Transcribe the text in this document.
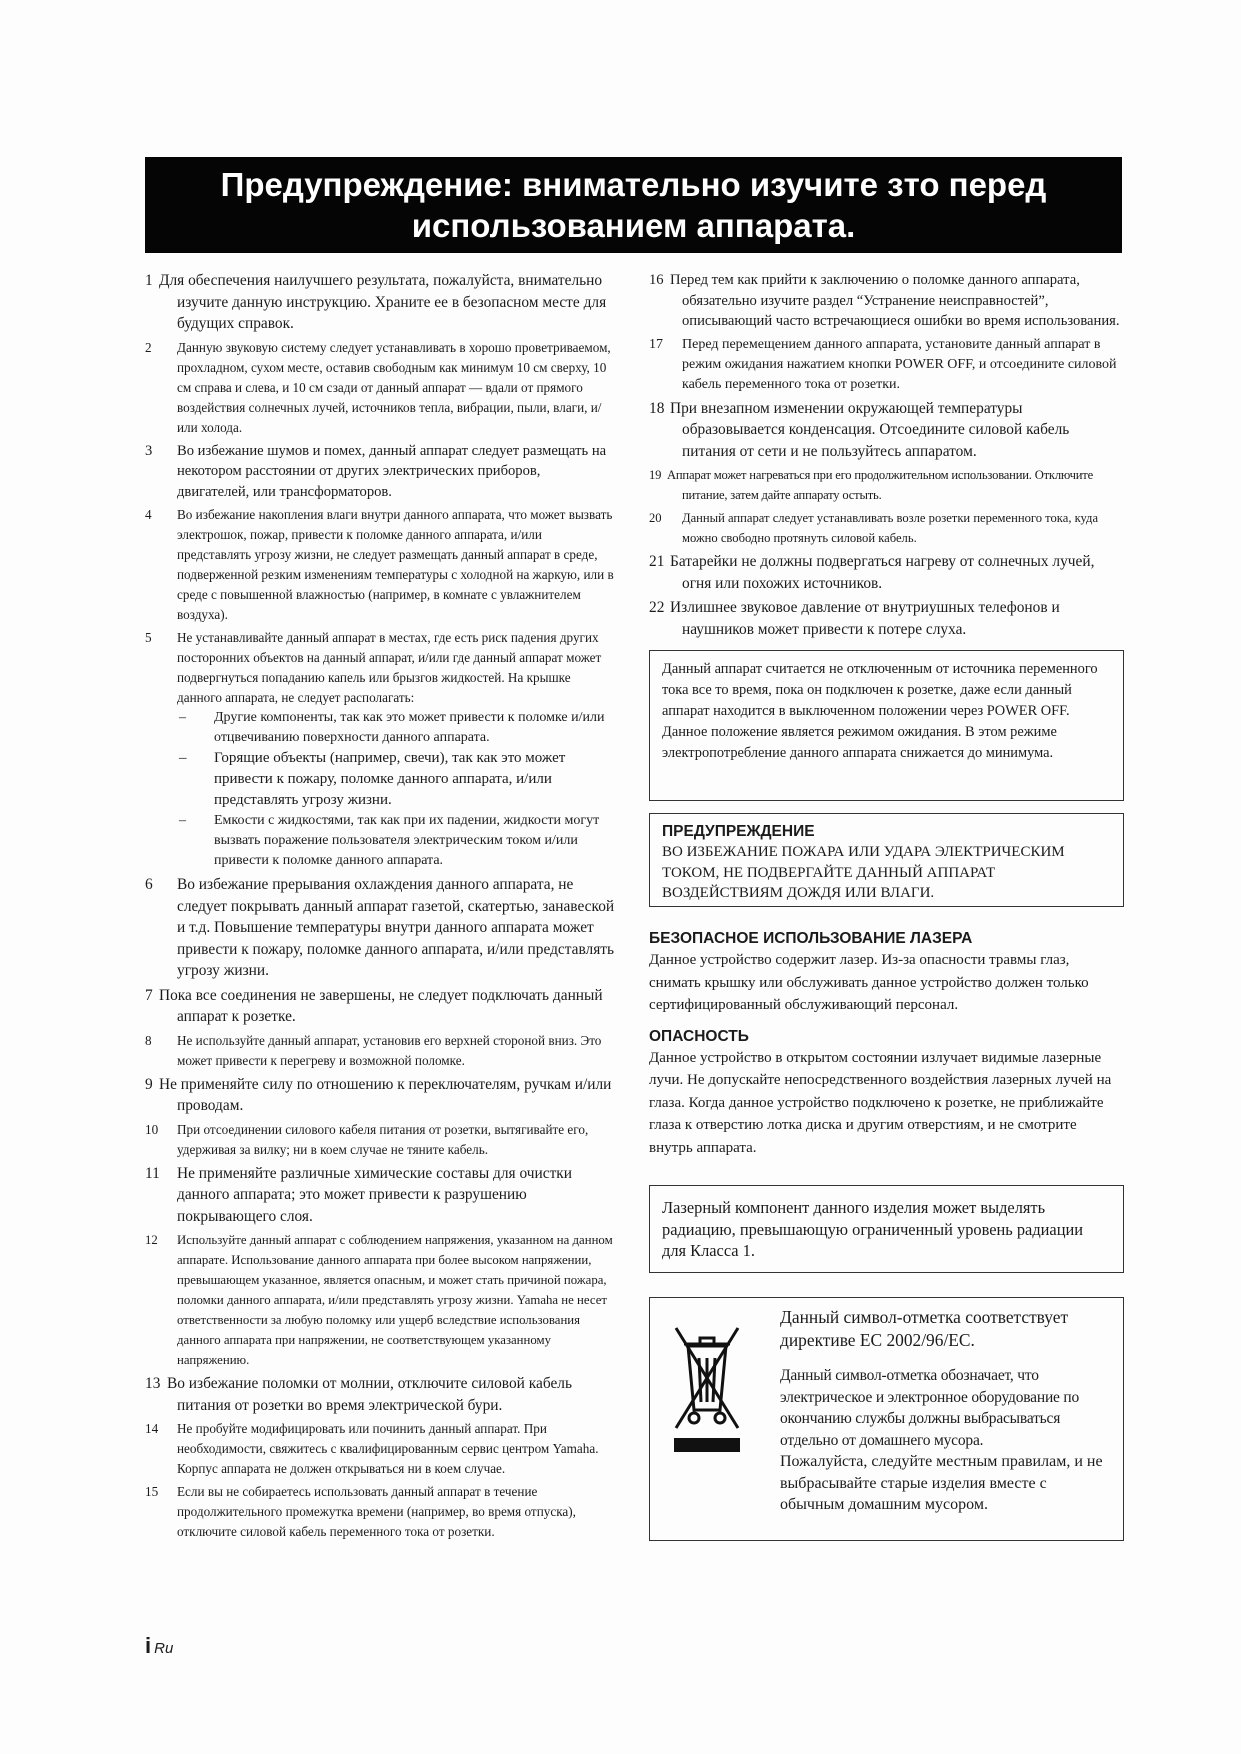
Предупреждение: внимательно изучите зто перед
использованием аппарата.
1 Для обеспечения наилучшего результата, пожалуйста, внимательно изучите данную инструкцию. Храните ее в безопасном месте для будущих справок.
2 Данную звуковую систему следует устанавливать в хорошо проветриваемом, прохладном, сухом месте, оставив свободным как минимум 10 см сверху, 10 см справа и слева, и 10 см сзади от данный аппарат — вдали от прямого воздействия солнечных лучей, источников тепла, вибрации, пыли, влаги, и/или холода.
3 Во избежание шумов и помех, данный аппарат следует размещать на некотором расстоянии от других электрических приборов, двигателей, или трансформаторов.
4 Во избежание накопления влаги внутри данного аппарата, что может вызвать электрошок, пожар, привести к поломке данного аппарата, и/или представлять угрозу жизни, не следует размещать данный аппарат в среде, подверженной резким изменениям температуры с холодной на жаркую, или в среде с повышенной влажностью (например, в комнате с увлажнителем воздуха).
5 Не устанавливайте данный аппарат в местах, где есть риск падения других посторонних объектов на данный аппарат, и/или где данный аппарат может подвергнуться попаданию капель или брызгов жидкостей. На крышке данного аппарата, не следует располагать:
– Другие компоненты, так как это может привести к поломке и/или отцвечиванию поверхности данного аппарата.
– Горящие объекты (например, свечи), так как это может привести к пожару, поломке данного аппарата, и/или представлять угрозу жизни.
– Емкости с жидкостями, так как при их падении, жидкости могут вызвать поражение пользователя электрическим током и/или привести к поломке данного аппарата.
6 Во избежание прерывания охлаждения данного аппарата, не следует покрывать данный аппарат газетой, скатертью, занавеской и т.д. Повышение температуры внутри данного аппарата может привести к пожару, поломке данного аппарата, и/или представлять угрозу жизни.
7 Пока все соединения не завершены, не следует подключать данный аппарат к розетке.
8 Не используйте данный аппарат, установив его верхней стороной вниз. Это может привести к перегреву и возможной поломке.
9 Не применяйте силу по отношению к переключателям, ручкам и/или проводам.
10 При отсоединении силового кабеля питания от розетки, вытягивайте его, удерживая за вилку; ни в коем случае не тяните кабель.
11 Не применяйте различные химические составы для очистки данного аппарата; это может привести к разрушению покрывающего слоя.
12 Используйте данный аппарат с соблюдением напряжения, указанном на данном аппарате. Использование данного аппарата при более высоком напряжении, превышающем указанное, является опасным, и может стать причиной пожара, поломки данного аппарата, и/или представлять угрозу жизни. Yamaha не несет ответственности за любую поломку или ущерб вследствие использования данного аппарата при напряжении, не соответствующем указанному напряжению.
13 Во избежание поломки от молнии, отключите силовой кабель питания от розетки во время электрической бури.
14 Не пробуйте модифицировать или починить данный аппарат. При необходимости, свяжитесь с квалифицированным сервис центром Yamaha. Корпус аппарата не должен открываться ни в коем случае.
15 Если вы не собираетесь использовать данный аппарат в течение продолжительного промежутка времени (например, во время отпуска), отключите силовой кабель переменного тока от розетки.
16 Перед тем как прийти к заключению о поломке данного аппарата, обязательно изучите раздел “Устранение неисправностей”, описывающий часто встречающиеся ошибки во время использования.
17 Перед перемещением данного аппарата, установите данный аппарат в режим ожидания нажатием кнопки POWER OFF, и отсоедините силовой кабель переменного тока от розетки.
18 При внезапном изменении окружающей температуры образовывается конденсация. Отсоедините силовой кабель питания от сети и не пользуйтесь аппаратом.
19 Аппарат может нагреваться при его продолжительном использовании. Отключите питание, затем дайте аппарату остыть.
20 Данный аппарат следует устанавливать возле розетки переменного тока, куда можно свободно протянуть силовой кабель.
21 Батарейки не должны подвергаться нагреву от солнечных лучей, огня или похожих источников.
22 Излишнее звуковое давление от внутриушных телефонов и наушников может привести к потере слуха.

Данный аппарат считается не отключенным от источника переменного тока все то время, пока он подключен к розетке, даже если данный аппарат находится в выключенном положении через POWER OFF. Данное положение является режимом ожидания. В этом режиме электропотребление данного аппарата снижается до минимума.

ПРЕДУПРЕЖДЕНИЕ

ВО ИЗБЕЖАНИЕ ПОЖАРА ИЛИ УДАРА ЭЛЕКТРИЧЕСКИМ ТОКОМ, НЕ ПОДВЕРГАЙТЕ ДАННЫЙ АППАРАТ ВОЗДЕЙСТВИЯМ ДОЖДЯ ИЛИ ВЛАГИ.

БЕЗОПАСНОЕ ИСПОЛЬЗОВАНИЕ ЛАЗЕРА
Данное устройство содержит лазер. Из-за опасности травмы глаз, снимать крышку или обслуживать данное устройство должен только сертифицированный обслуживающий персонал.
ОПАСНОСТЬ
Данное устройство в открытом состоянии излучает видимые лазерные лучи. Не допускайте непосредственного воздействия лазерных лучей на глаза. Когда данное устройство подключено к розетке, не приближайте глаза к отверстию лотка диска и другим отверстиям, и не смотрите внутрь аппарата.

Лазерный компонент данного изделия может выделять радиацию, превышающую ограниченный уровень радиации для Класса 1.

Данный символ-отметка соответствует директиве ЕС 2002/96/ЕС.
Данный символ-отметка обозначает, что электрическое и электронное оборудование по окончанию службы должны выбрасываться отдельно от домашнего мусора.
Пожалуйста, следуйте местным правилам, и не выбрасывайте старые изделия вместе с обычным домашним мусором.
i Ru
